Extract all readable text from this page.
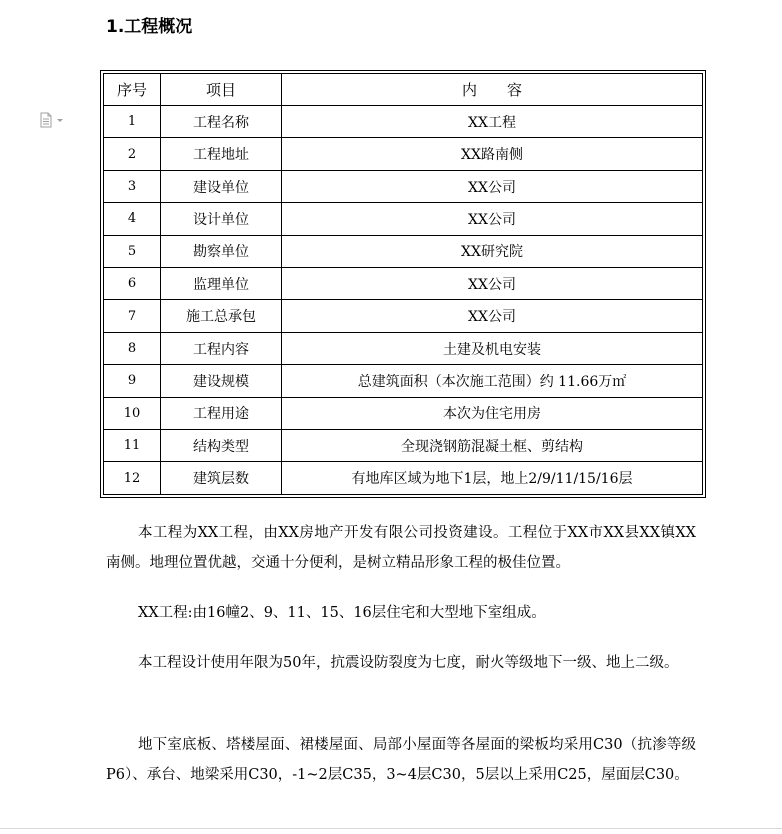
1.工程概况
序号	项目	内　　容
1	工程名称	XX工程
2	工程地址	XX路南侧
3	建设单位	XX公司
4	设计单位	XX公司
5	勘察单位	XX研究院
6	监理单位	XX公司
7	施工总承包	XX公司
8	工程内容	土建及机电安装
9	建设规模	总建筑面积（本次施工范围）约 11.66万㎡
10	工程用途	本次为住宅用房
11	结构类型	全现浇钢筋混凝土框、剪结构
12	建筑层数	有地库区域为地下1层，地上2/9/11/15/16层

本工程为XX工程，由XX房地产开发有限公司投资建设。工程位于XX市XX县XX镇XX南侧。地理位置优越，交通十分便利，是树立精品形象工程的极佳位置。

XX工程:由16幢2、9、11、15、16层住宅和大型地下室组成。

本工程设计使用年限为50年，抗震设防裂度为七度，耐火等级地下一级、地上二级。

地下室底板、塔楼屋面、裙楼屋面、局部小屋面等各屋面的梁板均采用C30（抗渗等级P6）、承台、地梁采用C30，-1~2层C35，3~4层C30，5层以上采用C25，屋面层C30。
